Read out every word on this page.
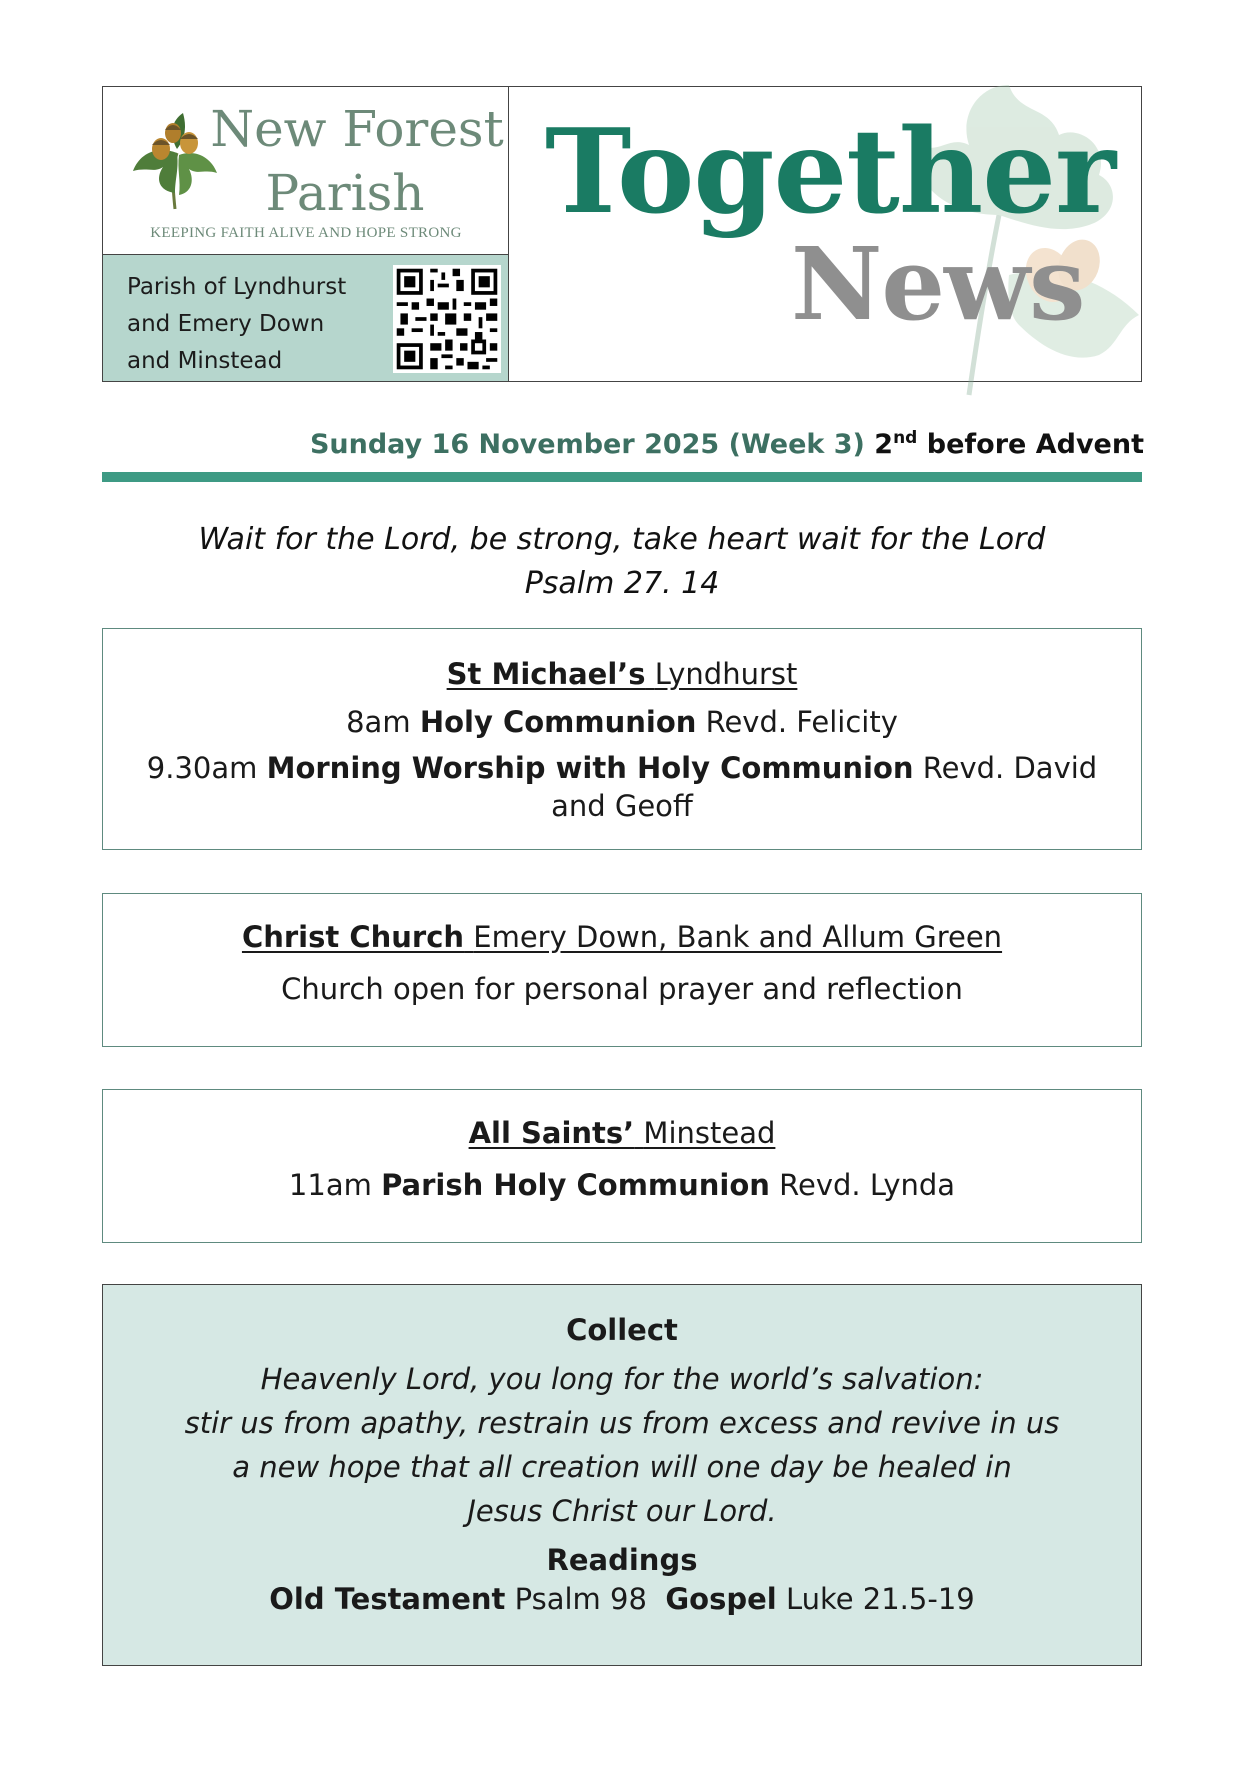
New Forest
Parish
KEEPING FAITH ALIVE AND HOPE STRONG
Parish of Lyndhurst
and Emery Down
and Minstead
Together
News
Sunday 16 November 2025 (Week 3) 2nd before Advent
Wait for the Lord, be strong, take heart wait for the Lord
Psalm 27. 14
St Michael’s Lyndhurst
8am Holy Communion Revd. Felicity
9.30am Morning Worship with Holy Communion Revd. David and Geoff
Christ Church Emery Down, Bank and Allum Green
Church open for personal prayer and reflection
All Saints’ Minstead
11am Parish Holy Communion Revd. Lynda
Collect
Heavenly Lord, you long for the world’s salvation:
stir us from apathy, restrain us from excess and revive in us
a new hope that all creation will one day be healed in
Jesus Christ our Lord.
Readings
Old Testament Psalm 98 Gospel Luke 21.5-19
